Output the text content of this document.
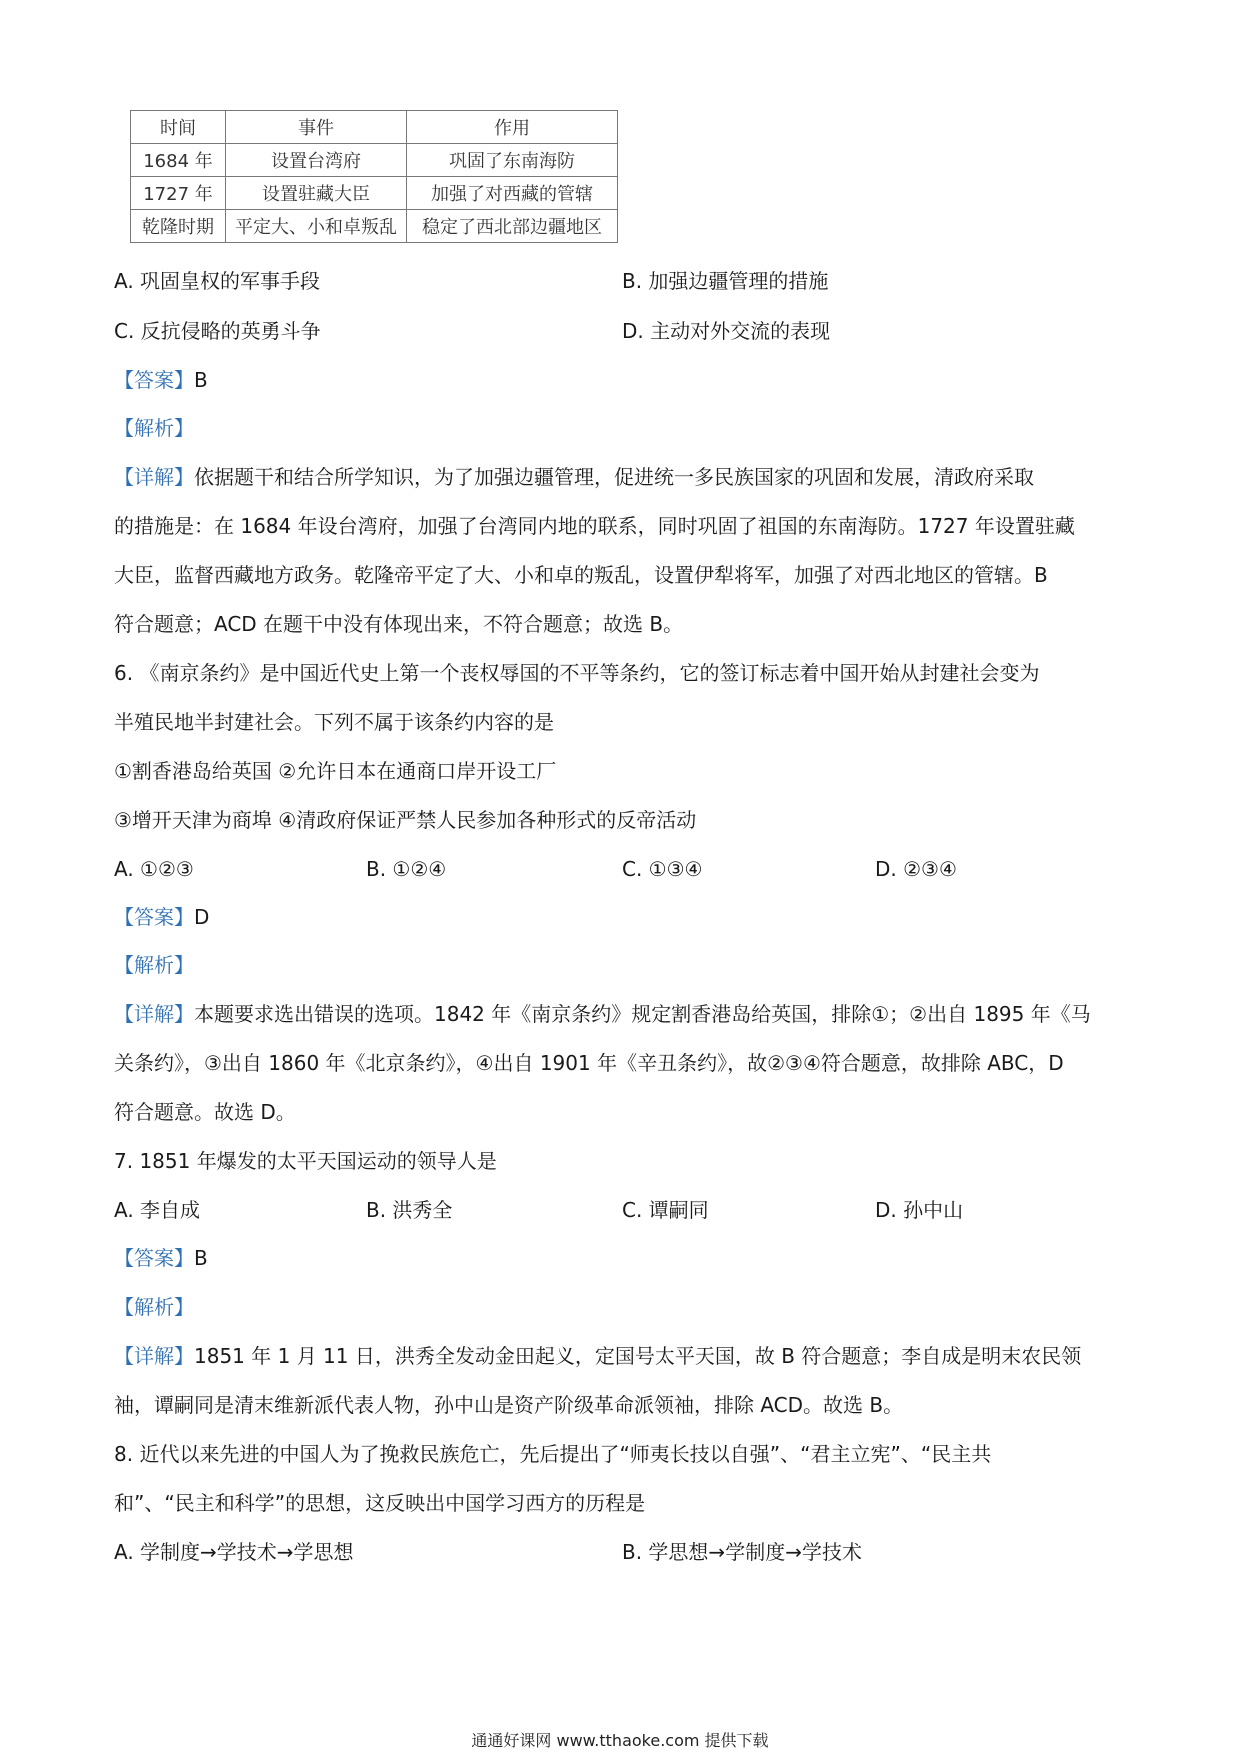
时间	事件	作用
1684 年	设置台湾府	巩固了东南海防
1727 年	设置驻藏大臣	加强了对西藏的管辖
乾隆时期	平定大、小和卓叛乱	稳定了西北部边疆地区
A. 巩固皇权的军事手段	B. 加强边疆管理的措施
C. 反抗侵略的英勇斗争	D. 主动对外交流的表现
【答案】B
【解析】
【详解】依据题干和结合所学知识，为了加强边疆管理，促进统一多民族国家的巩固和发展，清政府采取
的措施是：在 1684 年设台湾府，加强了台湾同内地的联系，同时巩固了祖国的东南海防。1727 年设置驻藏
大臣，监督西藏地方政务。乾隆帝平定了大、小和卓的叛乱，设置伊犁将军，加强了对西北地区的管辖。B
符合题意；ACD 在题干中没有体现出来，不符合题意；故选 B。
6. 《南京条约》是中国近代史上第一个丧权辱国的不平等条约，它的签订标志着中国开始从封建社会变为
半殖民地半封建社会。下列不属于该条约内容的是
①割香港岛给英国 ②允许日本在通商口岸开设工厂
③增开天津为商埠 ④清政府保证严禁人民参加各种形式的反帝活动
A. ①②③	B. ①②④	C. ①③④	D. ②③④
【答案】D
【解析】
【详解】本题要求选出错误的选项。1842 年《南京条约》规定割香港岛给英国，排除①；②出自 1895 年《马
关条约》，③出自 1860 年《北京条约》，④出自 1901 年《辛丑条约》，故②③④符合题意，故排除 ABC，D
符合题意。故选 D。
7. 1851 年爆发的太平天国运动的领导人是
A. 李自成	B. 洪秀全	C. 谭嗣同	D. 孙中山
【答案】B
【解析】
【详解】1851 年 1 月 11 日，洪秀全发动金田起义，定国号太平天国，故 B 符合题意；李自成是明末农民领
袖，谭嗣同是清末维新派代表人物，孙中山是资产阶级革命派领袖，排除 ACD。故选 B。
8. 近代以来先进的中国人为了挽救民族危亡，先后提出了“师夷长技以自强”、“君主立宪”、“民主共
和”、“民主和科学”的思想，这反映出中国学习西方的历程是
A. 学制度→学技术→学思想	B. 学思想→学制度→学技术
通通好课网 www.tthaoke.com 提供下载
